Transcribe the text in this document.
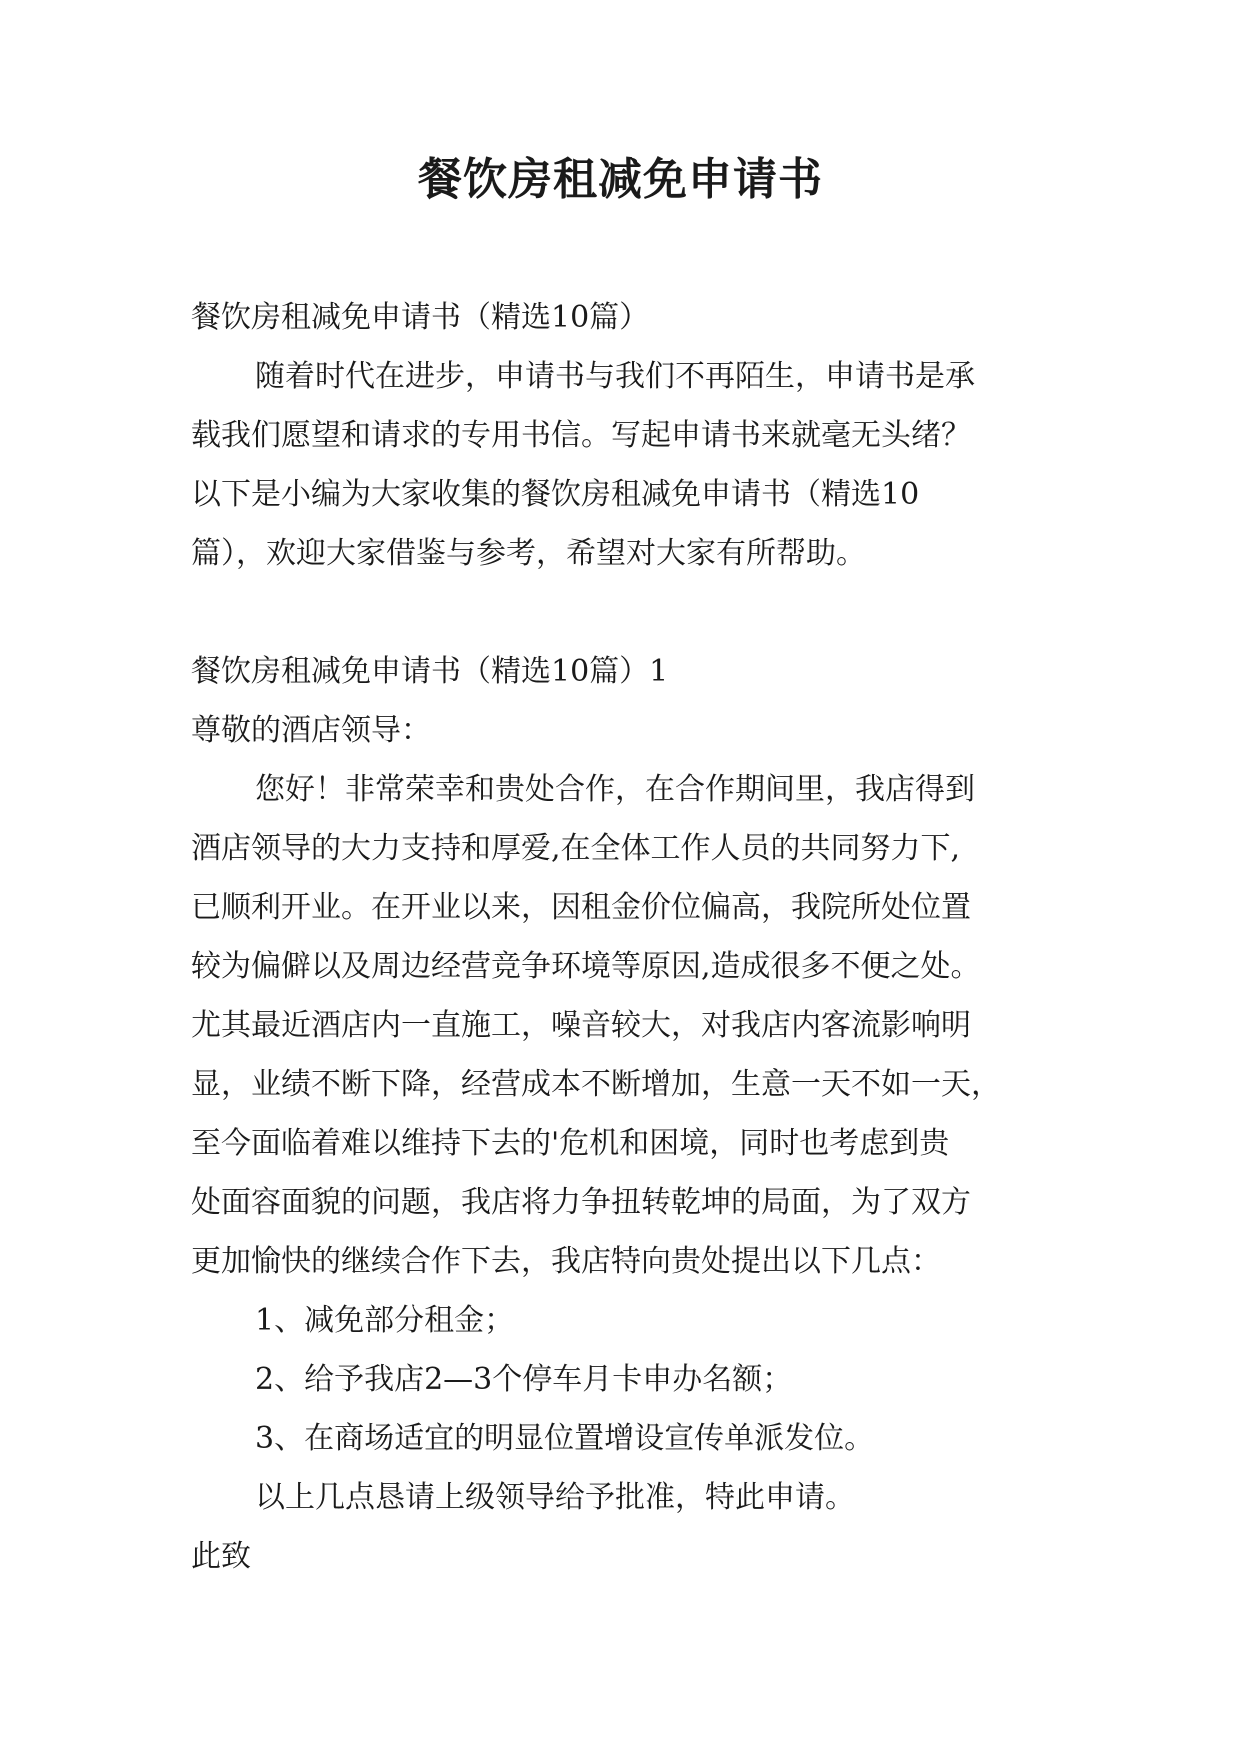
餐饮房租减免申请书
餐饮房租减免申请书（精选10篇）
随着时代在进步，申请书与我们不再陌生，申请书是承
载我们愿望和请求的专用书信。写起申请书来就毫无头绪？
以下是小编为大家收集的餐饮房租减免申请书（精选10
篇），欢迎大家借鉴与参考，希望对大家有所帮助。
餐饮房租减免申请书（精选10篇）1
尊敬的酒店领导：
您好！非常荣幸和贵处合作，在合作期间里，我店得到
酒店领导的大力支持和厚爱,在全体工作人员的共同努力下,
已顺利开业。在开业以来，因租金价位偏高，我院所处位置
较为偏僻以及周边经营竞争环境等原因,造成很多不便之处。
尤其最近酒店内一直施工，噪音较大，对我店内客流影响明
显，业绩不断下降，经营成本不断增加，生意一天不如一天，
至今面临着难以维持下去的'危机和困境，同时也考虑到贵
处面容面貌的问题，我店将力争扭转乾坤的局面，为了双方
更加愉快的继续合作下去，我店特向贵处提出以下几点：
1、减免部分租金；
2、给予我店2—3个停车月卡申办名额；
3、在商场适宜的明显位置增设宣传单派发位。
以上几点恳请上级领导给予批准，特此申请。
此致
